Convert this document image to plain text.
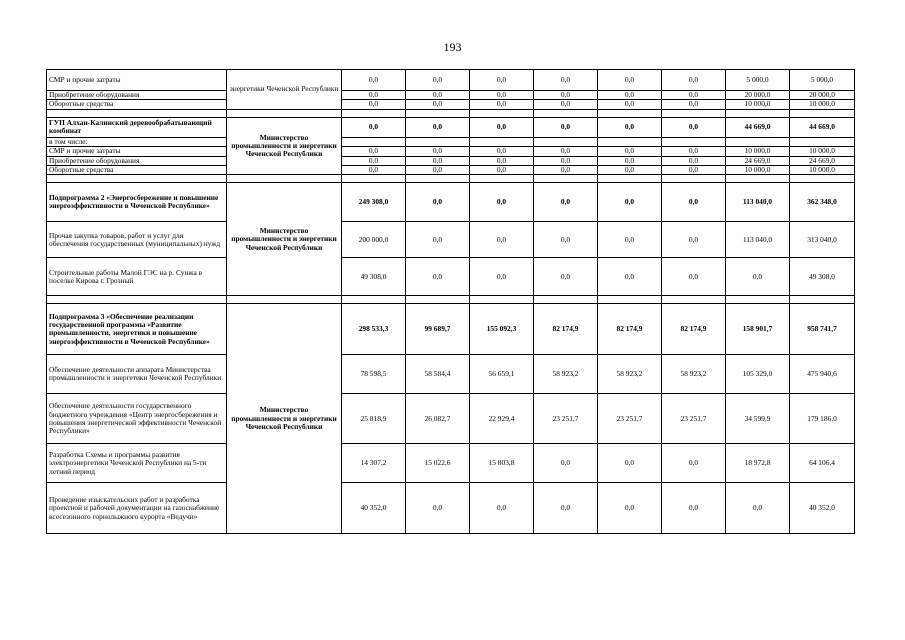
193
СМР и прочие затраты	энергетики Чеченской Республики	0,0	0,0	0,0	0,0	0,0	0,0	5 000,0	5 000,0
Приобретение оборудования		0,0	0,0	0,0	0,0	0,0	0,0	20 000,0	20 000,0
Оборотные средства		0,0	0,0	0,0	0,0	0,0	0,0	10 000,0	10 000,0

ГУП Алхан-Калинский деревообрабатывающий комбинат	Министерство промышленности и энергетики Чеченской Республики	0,0	0,0	0,0	0,0	0,0	0,0	44 669,0	44 669,0
в том числе:									
СМР и прочие затраты		0,0	0,0	0,0	0,0	0,0	0,0	10 000,0	10 000,0
Приобретение оборудования		0,0	0,0	0,0	0,0	0,0	0,0	24 669,0	24 669,0
Оборотные средства		0,0	0,0	0,0	0,0	0,0	0,0	10 000,0	10 000,0

Подпрограмма 2 «Энергосбережение и повышение энергоэффективности в Чеченской Республике»	Министерство промышленности и энергетики Чеченской Республики	249 308,0	0,0	0,0	0,0	0,0	0,0	113 040,0	362 348,0
Прочая закупка товаров, работ и услуг для обеспечения государственных (муниципальных) нужд		200 000,0	0,0	0,0	0,0	0,0	0,0	113 040,0	313 040,0
Строительные работы Малой ГЭС на р. Сунжа в поселке Кирова г. Грозный		49 308,0	0,0	0,0	0,0	0,0	0,0	0,0	49 308,0

Подпрограмма 3 «Обеспечение реализации государственной программы «Развитие промышленности, энергетики и повышение энергоэффективности в Чеченской Республике»	Министерство промышленности и энергетики Чеченской Республики	298 533,3	99 689,7	155 092,3	82 174,9	82 174,9	82 174,9	158 901,7	958 741,7
Обеспечение деятельности аппарата Министерства промышленности и энергетики Чеченской Республики		78 598,5	58 584,4	56 659,1	58 923,2	58 923,2	58 923,2	105 329,0	475 940,6
Обеспечение деятельности государственного бюджетного учреждения «Центр энергосбережения и повышения энергетической эффективности Чеченской Республики»		25 818,9	26 082,7	22 929,4	23 251,7	23 251,7	23 251,7	34 599,9	179 186,0
Разработка Схемы и программы развития электроэнергетики Чеченской Республики на 5-ти летний период		14 307,2	15 022,6	15 803,8	0,0	0,0	0,0	18 972,8	64 106,4
Проведение изыскательских работ и разработка проектной и рабочей документации на газоснабжение всесезонного горнолыжного курорта «Ведучи»		40 352,0	0,0	0,0	0,0	0,0	0,0	0,0	40 352,0
